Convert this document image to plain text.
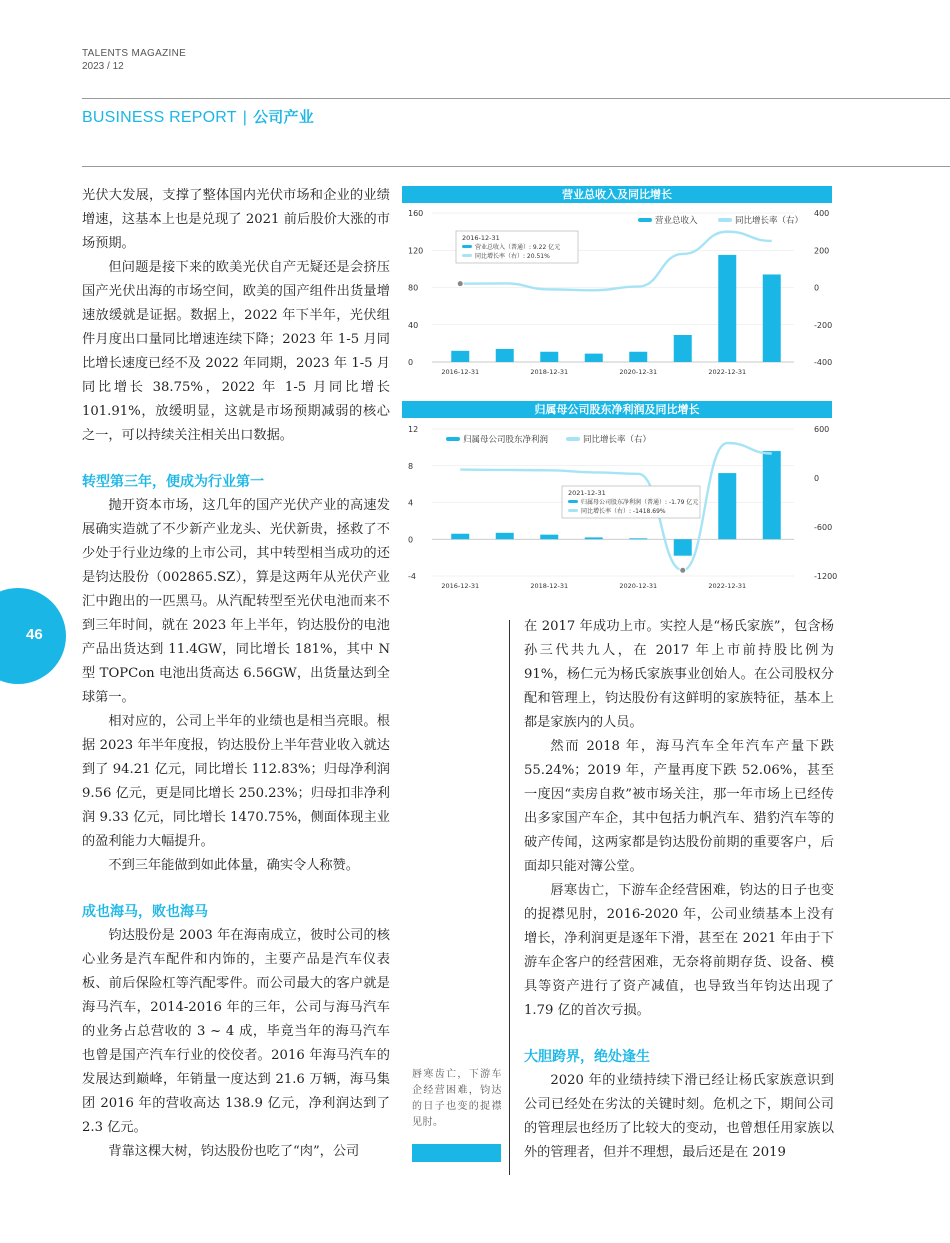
TALENTS MAGAZINE
2023 / 12
BUSINESS REPORT | 公司产业
46

光伏大发展，支撑了整体国内光伏市场和企业的业绩增速，这基本上也是兑现了 2021 前后股价大涨的市场预期。

但问题是接下来的欧美光伏自产无疑还是会挤压国产光伏出海的市场空间，欧美的国产组件出货量增速放缓就是证据。数据上，2022 年下半年，光伏组件月度出口量同比增速连续下降；2023 年 1-5 月同比增长速度已经不及 2022 年同期，2023 年 1-5 月同比增长 38.75%，2022 年 1-5 月同比增长 101.91%，放缓明显，这就是市场预期减弱的核心之一，可以持续关注相关出口数据。

转型第三年，便成为行业第一

抛开资本市场，这几年的国产光伏产业的高速发展确实造就了不少新产业龙头、光伏新贵，拯救了不少处于行业边缘的上市公司，其中转型相当成功的还是钧达股份（002865.SZ），算是这两年从光伏产业汇中跑出的一匹黑马。从汽配转型至光伏电池而来不到三年时间，就在 2023 年上半年，钧达股份的电池产品出货达到 11.4GW，同比增长 181%，其中 N 型 TOPCon 电池出货高达 6.56GW，出货量达到全球第一。

相对应的，公司上半年的业绩也是相当亮眼。根据 2023 年半年度报，钧达股份上半年营业收入就达到了 94.21 亿元，同比增长 112.83%；归母净利润 9.56 亿元，更是同比增长 250.23%；归母扣非净利润 9.33 亿元，同比增长 1470.75%，侧面体现主业的盈利能力大幅提升。

不到三年能做到如此体量，确实令人称赞。

成也海马，败也海马

钧达股份是 2003 年在海南成立，彼时公司的核心业务是汽车配件和内饰的，主要产品是汽车仪表板、前后保险杠等汽配零件。而公司最大的客户就是海马汽车，2014-2016 年的三年，公司与海马汽车的业务占总营收的 3 ~ 4 成，毕竟当年的海马汽车也曾是国产汽车行业的佼佼者。2016 年海马汽车的发展达到巅峰，年销量一度达到 21.6 万辆，海马集团 2016 年的营收高达 138.9 亿元，净利润达到了 2.3 亿元。

背靠这棵大树，钧达股份也吃了“肉”，公司

营业总收入及同比增长
160
120
80
40
0
400
200
0
-200
-400
2016-12-31	2018-12-31	2020-12-31	2022-12-31
营业总收入	同比增长率（右）
2016-12-31
营业总收入（普通）: 9.22 亿元
同比增长率（右）: 20.51%
归属母公司股东净利润及同比增长
12
8
4
0
-4
600
0
-600
-1200
2016-12-31	2018-12-31	2020-12-31	2022-12-31
归属母公司股东净利润	同比增长率（右）
2021-12-31
归属母公司股东净利润（普通）: -1.79 亿元
同比增长率（右）: -1418.69%
唇寒齿亡，下游车企经营困难，钧达的日子也变的捉襟见肘。

在 2017 年成功上市。实控人是“杨氏家族”，包含杨孙三代共九人，在 2017 年上市前持股比例为 91%，杨仁元为杨氏家族事业创始人。在公司股权分配和管理上，钧达股份有这鲜明的家族特征，基本上都是家族内的人员。

然而 2018 年，海马汽车全年汽车产量下跌 55.24%；2019 年，产量再度下跌 52.06%，甚至一度因“卖房自救”被市场关注，那一年市场上已经传出多家国产车企，其中包括力帆汽车、猎豹汽车等的破产传闻，这两家都是钧达股份前期的重要客户，后面却只能对簿公堂。

唇寒齿亡，下游车企经营困难，钧达的日子也变的捉襟见肘，2016-2020 年，公司业绩基本上没有增长，净利润更是逐年下滑，甚至在 2021 年由于下游车企客户的经营困难，无奈将前期存货、设备、模具等资产进行了资产减值，也导致当年钧达出现了 1.79 亿的首次亏损。

大胆跨界，绝处逢生

2020 年的业绩持续下滑已经让杨氏家族意识到公司已经处在劣汰的关键时刻。危机之下，期间公司的管理层也经历了比较大的变动，也曾想任用家族以外的管理者，但并不理想，最后还是在 2019
